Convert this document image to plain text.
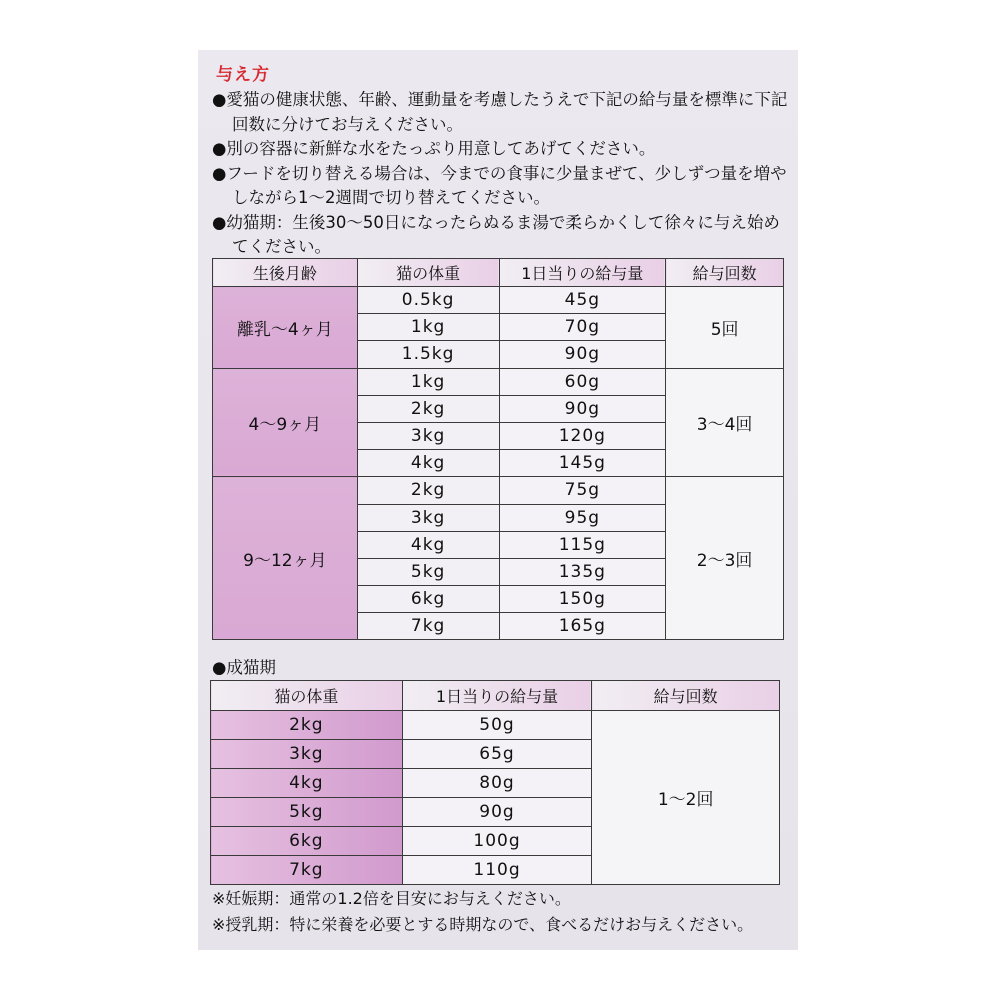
与え方
●愛猫の健康状態、年齢、運動量を考慮したうえで下記の給与量を標準に下記回数に分けてお与えください。
●別の容器に新鮮な水をたっぷり用意してあげてください。
●フードを切り替える場合は、今までの食事に少量まぜて、少しずつ量を増やしながら1〜2週間で切り替えてください。
●幼猫期：生後30〜50日になったらぬるま湯で柔らかくして徐々に与え始めてください。
生後月齢	猫の体重	1日当りの給与量	給与回数
離乳〜4ヶ月	0.5kg	45g	5回
	1kg	70g	
	1.5kg	90g	
4〜9ヶ月	1kg	60g	3〜4回
	2kg	90g	
	3kg	120g	
	4kg	145g	
9〜12ヶ月	2kg	75g	2〜3回
	3kg	95g	
	4kg	115g	
	5kg	135g	
	6kg	150g	
	7kg	165g	
●成猫期
猫の体重	1日当りの給与量	給与回数
2kg	50g	1〜2回
3kg	65g	
4kg	80g	
5kg	90g	
6kg	100g	
7kg	110g	
※妊娠期：通常の1.2倍を目安にお与えください。
※授乳期：特に栄養を必要とする時期なので、食べるだけお与えください。
